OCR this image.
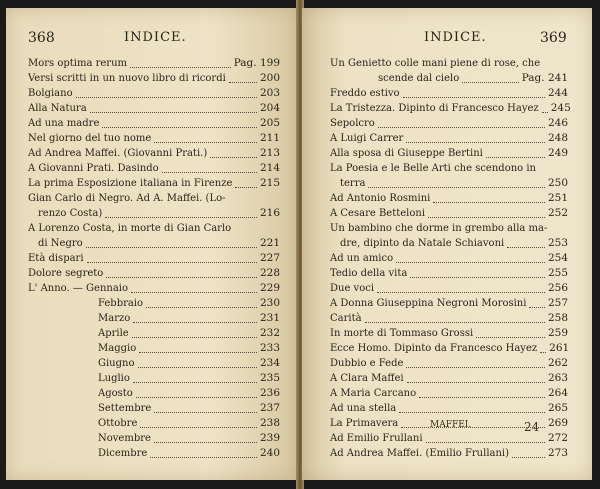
368	INDICE.
Mors optima rerum	Pag. 199
Versi scritti in un nuovo libro di ricordi	200
Bolgiano	203
Alla Natura	204
Ad una madre	205
Nel giorno del tuo nome	211
Ad Andrea Maffei. (Giovanni Prati.)	213
A Giovanni Prati. Dasindo	214
La prima Esposizione italiana in Firenze	215
Gian Carlo di Negro. Ad A. Maffei. (Lo-
renzo Costa)	216
A Lorenzo Costa, in morte di Gian Carlo
di Negro	221
Età dispari	227
Dolore segreto	228
L' Anno. — Gennaio	229
Febbraio	230
Marzo	231
Aprile	232
Maggio	233
Giugno	234
Luglio	235
Agosto	236
Settembre	237
Ottobre	238
Novembre	239
Dicembre	240
INDICE.	369
Un Genietto colle mani piene di rose, che
scende dal cielo	Pag. 241
Freddo estivo	244
La Tristezza. Dipinto di Francesco Hayez 245
Sepolcro	246
A Luigi Carrer	248
Alla sposa di Giuseppe Bertini	249
La Poesia e le Belle Arti che scendono in
terra	250
Ad Antonio Rosmini	251
A Cesare Betteloni	252
Un bambino che dorme in grembo alla ma-
dre, dipinto da Natale Schiavoni	253
Ad un amico	254
Tedio della vita	255
Due voci	256
A Donna Giuseppina Negroni Morosini 257
Carità	258
In morte di Tommaso Grossi	259
Ecce Homo. Dipinto da Francesco Hayez 261
Dubbio e Fede	262
A Clara Maffei	263
A Maria Carcano	264
Ad una stella	265
La Primavera	269
Ad Emilio Frullani	272
Ad Andrea Maffei. (Emilio Frullani)	273
MAFFEI.	24
